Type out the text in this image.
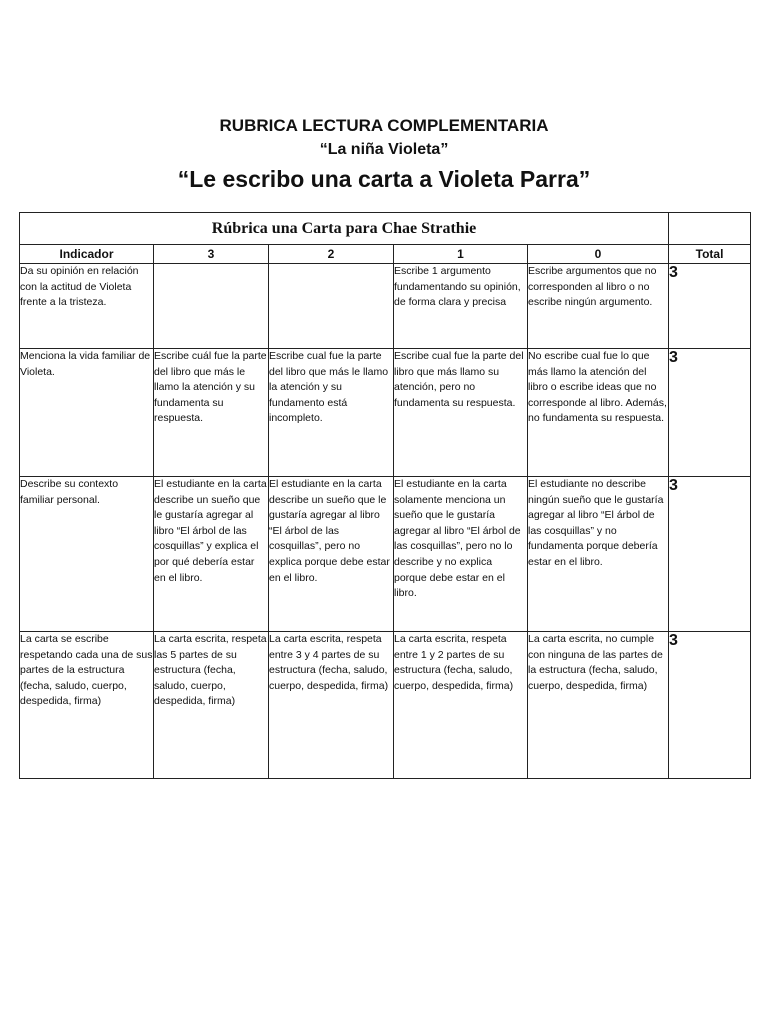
RUBRICA LECTURA COMPLEMENTARIA
“La niña Violeta”
“Le escribo una carta a Violeta Parra”
Rúbrica una Carta para Chae Strathie					
Indicador	3	2	1	0	Total
Da su opinión en relación con la actitud de Violeta frente a la tristeza.			Escribe 1 argumento fundamentando su opinión, de forma clara y precisa	Escribe argumentos que no corresponden al libro o no escribe ningún argumento.	3
Menciona la vida familiar de Violeta.	Escribe cuál fue la parte del libro que más le llamo la atención y su fundamenta su respuesta.	Escribe cual fue la parte del libro que más le llamo la atención y su fundamento está incompleto.	Escribe cual fue la parte del libro que más llamo su atención, pero no fundamenta su respuesta.	No escribe cual fue lo que más llamo la atención del libro o escribe ideas que no corresponde al libro. Además, no fundamenta su respuesta.	3
Describe su contexto familiar personal.	El estudiante en la carta describe un sueño que le gustaría agregar al libro “El árbol de las cosquillas” y explica el por qué debería estar en el libro.	El estudiante en la carta describe un sueño que le gustaría agregar al libro “El árbol de las cosquillas”, pero no explica porque debe estar en el libro.	El estudiante en la carta solamente menciona un sueño que le gustaría agregar al libro “El árbol de las cosquillas”, pero no lo describe y no explica porque debe estar en el libro.	El estudiante no describe ningún sueño que le gustaría agregar al libro “El árbol de las cosquillas” y no fundamenta porque debería estar en el libro.	3
La carta se escribe respetando cada una de sus partes de la estructura (fecha, saludo, cuerpo, despedida, firma)	La carta escrita, respeta las 5 partes de su estructura (fecha, saludo, cuerpo, despedida, firma)	La carta escrita, respeta entre 3 y 4 partes de su estructura (fecha, saludo, cuerpo, despedida, firma)	La carta escrita, respeta entre 1 y 2 partes de su estructura (fecha, saludo, cuerpo, despedida, firma)	La carta escrita, no cumple con ninguna de las partes de la estructura (fecha, saludo, cuerpo, despedida, firma)	3
